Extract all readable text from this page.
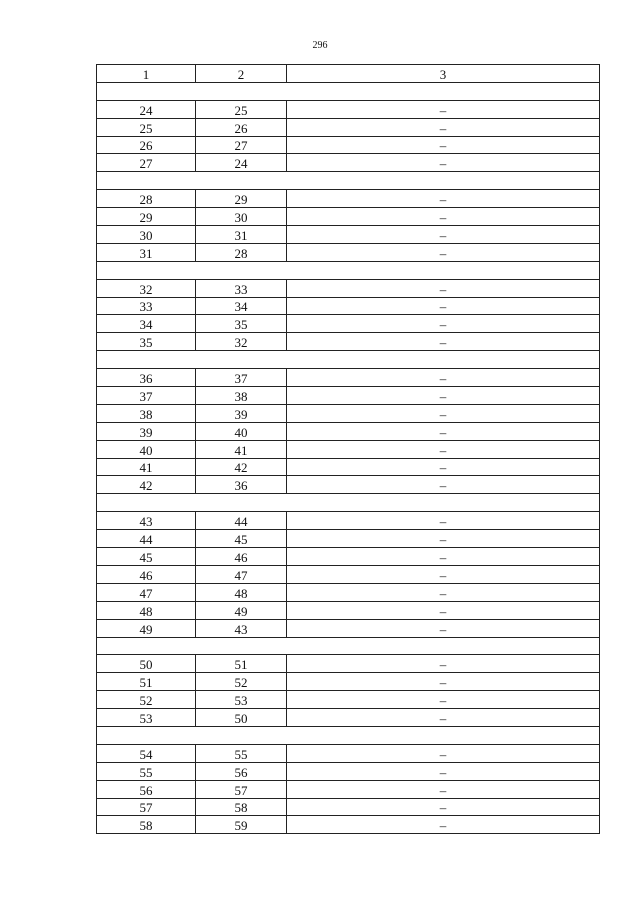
296
1	2	3

24	25	–
25	26	–
26	27	–
27	24	–

28	29	–
29	30	–
30	31	–
31	28	–

32	33	–
33	34	–
34	35	–
35	32	–

36	37	–
37	38	–
38	39	–
39	40	–
40	41	–
41	42	–
42	36	–

43	44	–
44	45	–
45	46	–
46	47	–
47	48	–
48	49	–
49	43	–

50	51	–
51	52	–
52	53	–
53	50	–

54	55	–
55	56	–
56	57	–
57	58	–
58	59	–
